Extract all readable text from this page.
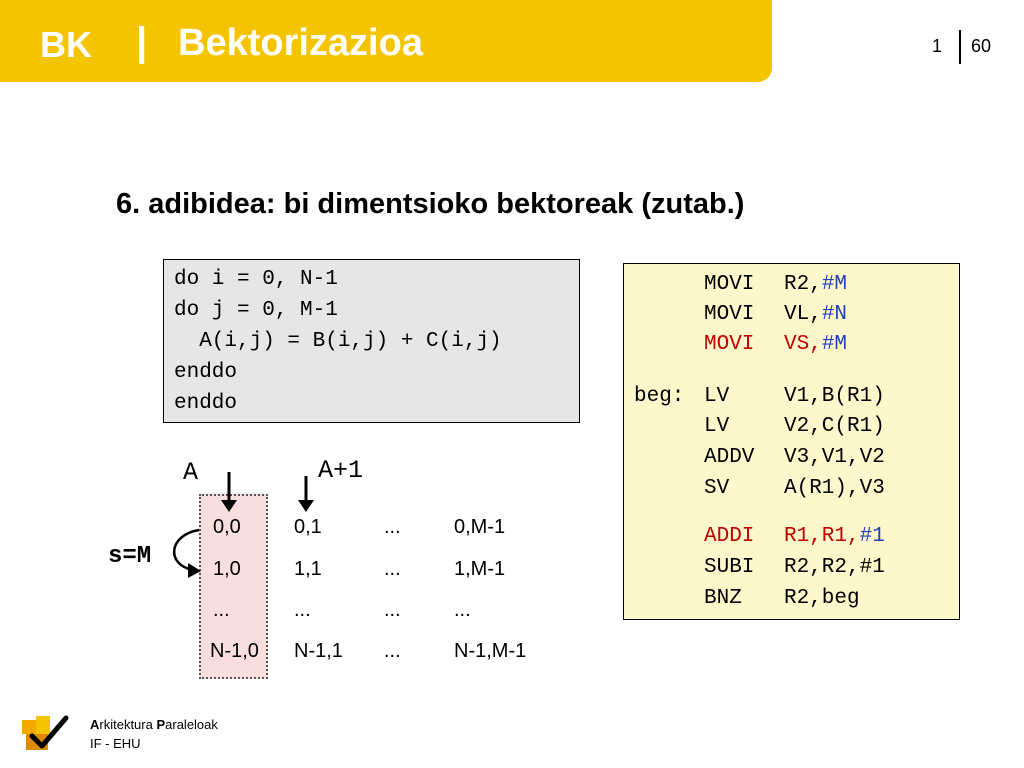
BK | Bektorizazioa	1 60
6. adibidea: bi dimentsioko bektoreak (zutab.)
do i = 0, N-1
do j = 0, M-1
A(i,j) = B(i,j) + C(i,j)
enddo
enddo
MOVI R2,#M
MOVI VL,#N
MOVI VS,#M
beg: LV	V1,B(R1)
LV	V2,C(R1)
ADDV V3,V1,V2
SV	A(R1),V3
ADDI R1,R1,#1
SUBI R2,R2,#1
BNZ R2,beg
A	A+1
s=M
0,0	0,1	...	0,M-1
1,0	1,1	...	1,M-1
...	...	...	...
N-1,0 N-1,1 ...	N-1,M-1
Arkitektura Paraleloak
IF - EHU
